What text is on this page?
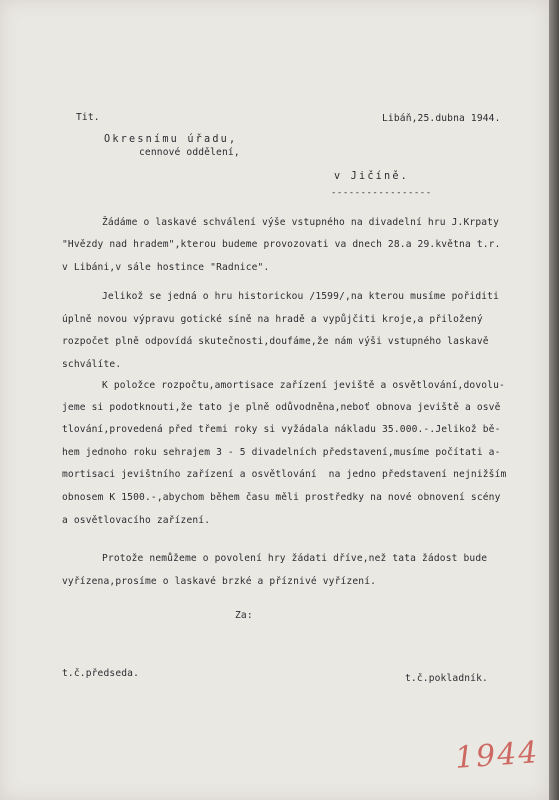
Tit.	Libáň,25.dubna 1944.
Okresnímu úřadu,
cennové oddělení,
v Jičíně.
-----------------
Žádáme o laskavé schválení výše vstupného na divadelní hru J.Krpaty
"Hvězdy nad hradem",kterou budeme provozovati va dnech 28.a 29.května t.r.
v Libáni,v sále hostince "Radnice".
Jelikož se jedná o hru historickou /1599/,na kterou musíme pořiditi
úplně novou výpravu gotické síně na hradě a vypůjčiti kroje,a přiložený
rozpočet plně odpovídá skutečnosti,doufáme,že nám výši vstupného laskavě
schválíte.
K položce rozpočtu,amortisace zařízení jeviště a osvětlování,dovolu-
jeme si podotknouti,že tato je plně odůvodněna,neboť obnova jeviště a osvě
tlování,provedená před třemi roky si vyžádala nákladu 35.000.-.Jelikož bě-
hem jednoho roku sehrajem 3 - 5 divadelních představení,musíme počítati a-
mortisaci jevištního zařízení a osvětlování  na jedno představení nejnižším
obnosem K 1500.-,abychom během času měli prostředky na nové obnovení scény
a osvětlovacího zařízení.
Protože nemůžeme o povolení hry žádati dříve,než tata žádost bude
vyřízena,prosíme o laskavé brzké a příznivé vyřízení.
Za:
t.č.předseda.	t.č.pokladník.
1944
